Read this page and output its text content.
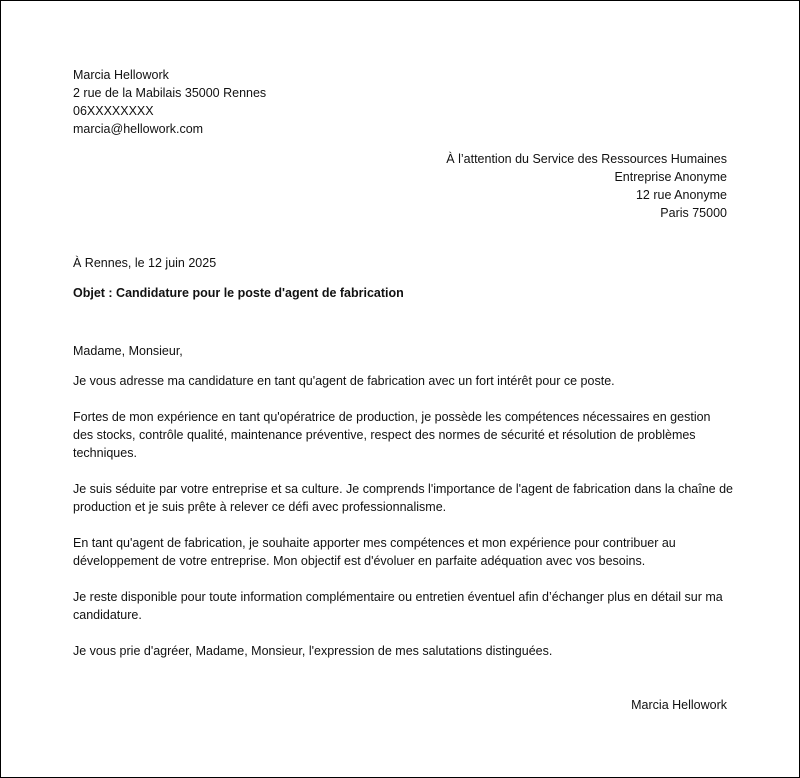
Marcia Hellowork
2 rue de la Mabilais 35000 Rennes
06XXXXXXXX
marcia@hellowork.com
À l’attention du Service des Ressources Humaines
Entreprise Anonyme
12 rue Anonyme
Paris 75000
À Rennes, le 12 juin 2025
Objet : Candidature pour le poste d'agent de fabrication

Madame, Monsieur,

Je vous adresse ma candidature en tant qu'agent de fabrication avec un fort intérêt pour ce poste.

Fortes de mon expérience en tant qu'opératrice de production, je possède les compétences nécessaires en gestion des stocks, contrôle qualité, maintenance préventive, respect des normes de sécurité et résolution de problèmes techniques.

Je suis séduite par votre entreprise et sa culture. Je comprends l'importance de l'agent de fabrication dans la chaîne de production et je suis prête à relever ce défi avec professionnalisme.

En tant qu'agent de fabrication, je souhaite apporter mes compétences et mon expérience pour contribuer au développement de votre entreprise. Mon objectif est d'évoluer en parfaite adéquation avec vos besoins.

Je reste disponible pour toute information complémentaire ou entretien éventuel afin d’échanger plus en détail sur ma candidature.

Je vous prie d'agréer, Madame, Monsieur, l'expression de mes salutations distinguées.

Marcia Hellowork
